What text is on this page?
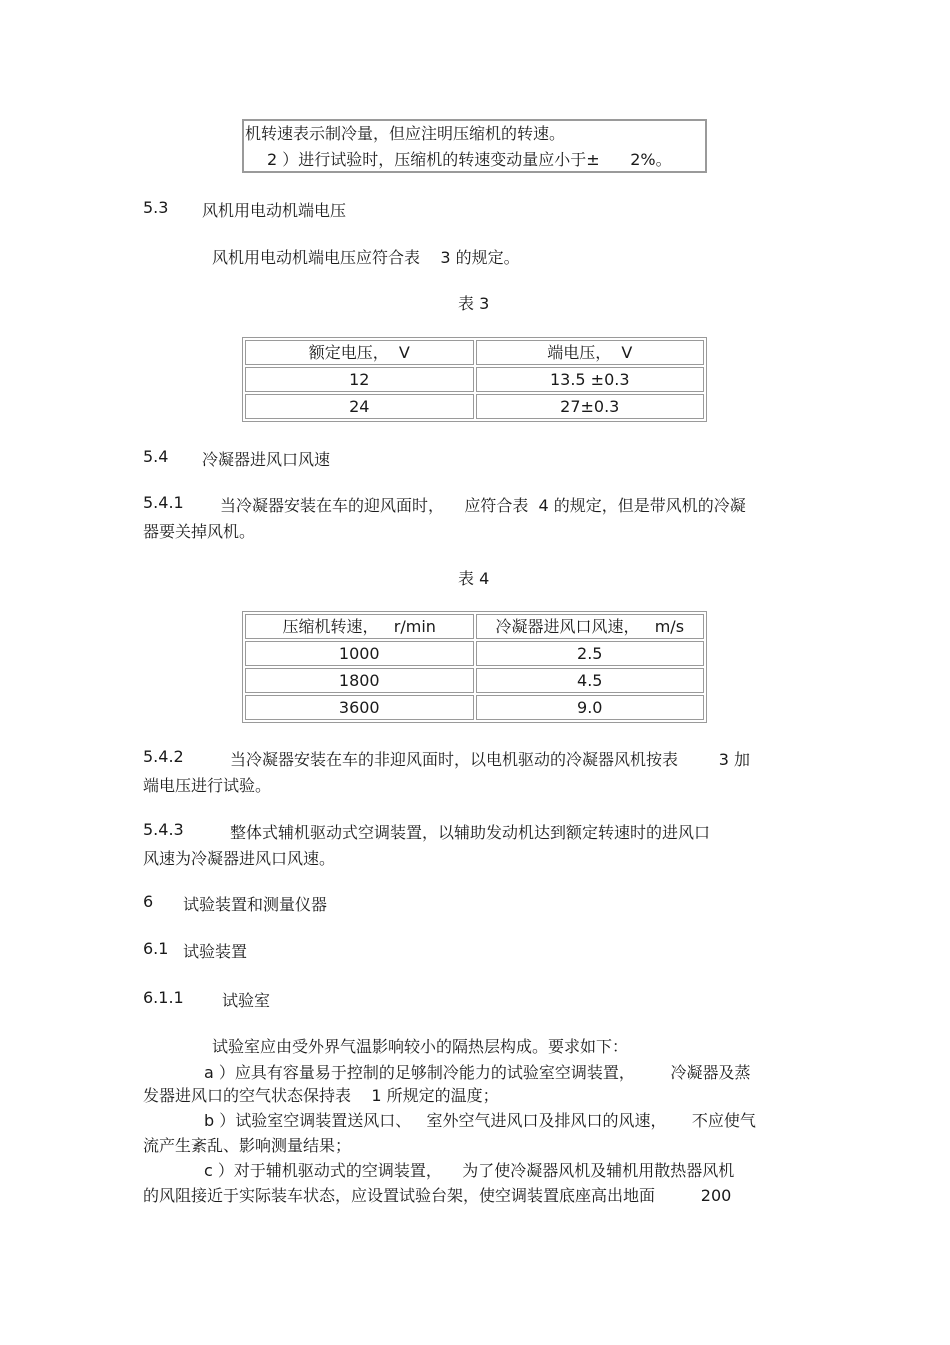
机转速表示制冷量，但应注明压缩机的转速。
2 ）进行试验时，压缩机的转速变动量应小于±      2%。
5.3 风机用电动机端电压
风机用电动机端电压应符合表    3 的规定。
表 3
额定电压，  V	端电压，  V
12	13.5 ±0.3
24	27±0.3
5.4 冷凝器进风口风速
5.4.1 当冷凝器安装在车的迎风面时，    应符合表  4 的规定，但是带风机的冷凝
器要关掉风机。
表 4
压缩机转速，   r/min	冷凝器进风口风速，   m/s
1000	2.5
1800	4.5
3600	9.0
5.4.2	当冷凝器安装在车的非迎风面时，以电机驱动的冷凝器风机按表        3 加
端电压进行试验。
5.4.3	整体式辅机驱动式空调装置，以辅助发动机达到额定转速时的进风口
风速为冷凝器进风口风速。
6 试验装置和测量仪器
6.1 试验装置
6.1.1 试验室
试验室应由受外界气温影响较小的隔热层构成。要求如下：
a ）应具有容量易于控制的足够制冷能力的试验室空调装置，       冷凝器及蒸
发器进风口的空气状态保持表    1 所规定的温度；
b ）试验室空调装置送风口、   室外空气进风口及排风口的风速，     不应使气
流产生紊乱、影响测量结果；
c ）对于辅机驱动式的空调装置，    为了使冷凝器风机及辅机用散热器风机
的风阻接近于实际装车状态，应设置试验台架，使空调装置底座高出地面         200
